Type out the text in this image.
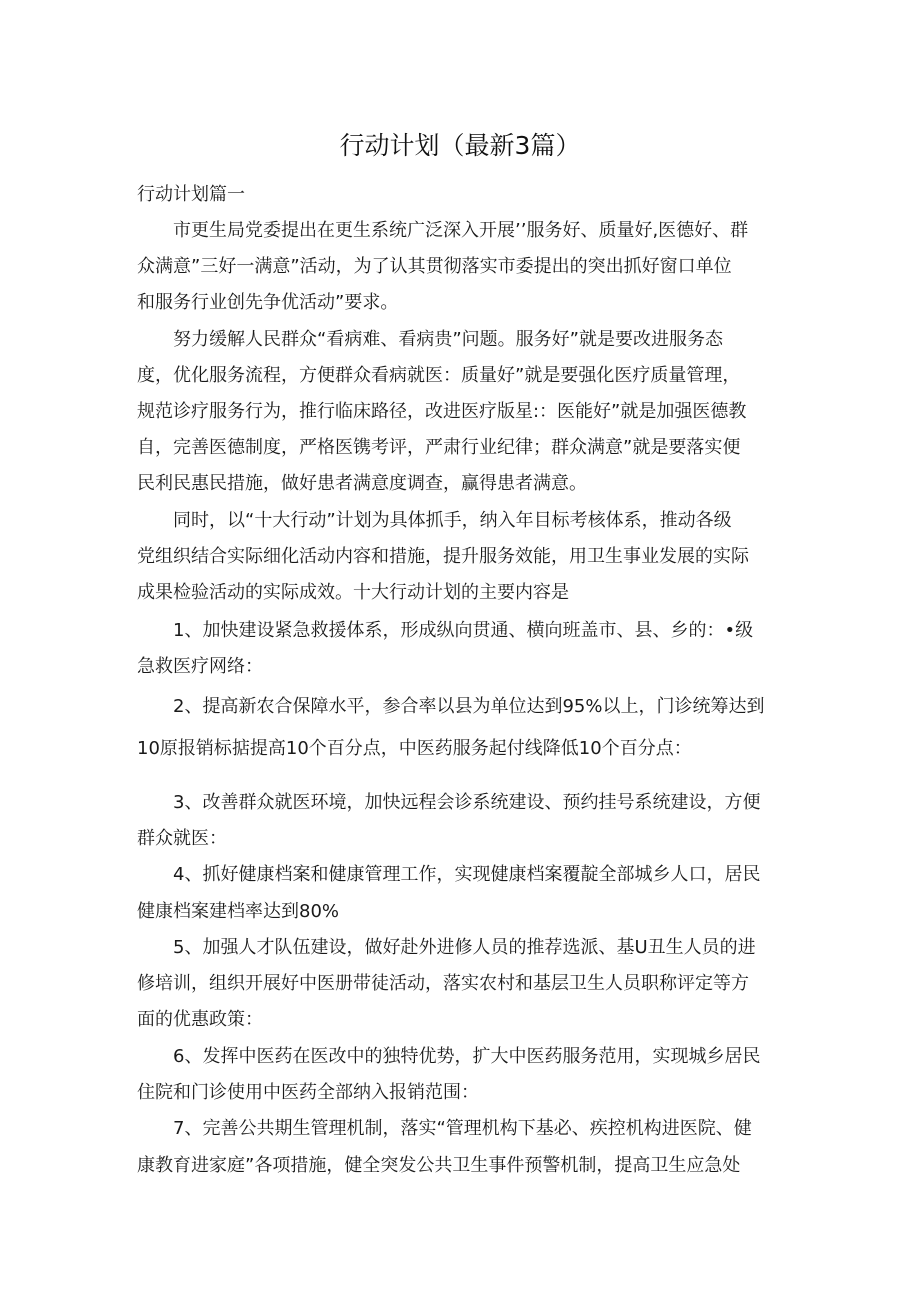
行动计划（最新3篇）
行动计划篇一
市更生局党委提出在更生系统广泛深入开展’’服务好、质量好,医德好、群
众满意”三好一满意”活动，为了认其贯彻落实市委提出的突出抓好窗口单位
和服务行业创先争优活动”要求。
努力缓解人民群众“看病难、看病贵”问题。服务好”就是要改进服务态
度，优化服务流程，方便群众看病就医：质量好”就是要强化医疗质量管理，
规范诊疗服务行为，推行临床路径，改进医疗版星:：医能好”就是加强医德教
自，完善医德制度，严格医镌考评，严肃行业纪律；群众满意”就是要落实便
民利民惠民措施，做好患者满意度调查，赢得患者满意。
同时，以“十大行动”计划为具体抓手，纳入年目标考核体系，推动各级
党组织结合实际细化活动内容和措施，提升服务效能，用卫生事业发展的实际
成果检验活动的实际成效。十大行动计划的主要内容是
1、加快建设紧急救援体系，形成纵向贯通、横向班盖市、县、乡的：•级
急救医疗网络：
2、提高新农合保障水平，参合率以县为单位达到95%以上，门诊统筹达到
10原报销标掂提高10个百分点，中医药服务起付线降低10个百分点：
3、改善群众就医环境，加快远程会诊系统建设、预约挂号系统建设，方便
群众就医：
4、抓好健康档案和健康管理工作，实现健康档案覆靛全部城乡人口，居民
健康档案建档率达到80%
5、加强人才队伍建设，做好赴外进修人员的推荐选派、基U丑生人员的进
修培训，组织开展好中医册带徒活动，落实农村和基层卫生人员职称评定等方
面的优惠政策：
6、发挥中医药在医改中的独特优势，扩大中医药服务范用，实现城乡居民
住院和门诊使用中医药全部纳入报销范围：
7、完善公共期生管理机制，落实“管理机构下基必、疾控机构进医院、健
康教育进家庭”各项措施，健全突发公共卫生事件预警机制，提高卫生应急处
